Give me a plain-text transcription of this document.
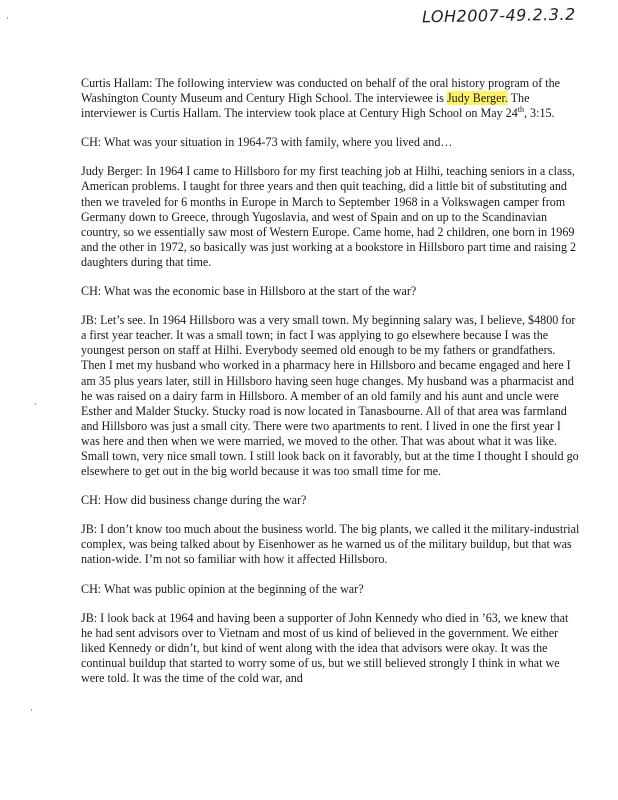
LOH2007-49.2.3.2
·
·
·

Curtis Hallam: The following interview was conducted on behalf of the oral history program of the Washington County Museum and Century High School. The interviewee is Judy Berger. The interviewer is Curtis Hallam. The interview took place at Century High School on May 24th, 3:15.

CH: What was your situation in 1964-73 with family, where you lived and…

Judy Berger: In 1964 I came to Hillsboro for my first teaching job at Hilhi, teaching seniors in a class, American problems. I taught for three years and then quit teaching, did a little bit of substituting and then we traveled for 6 months in Europe in March to September 1968 in a Volkswagen camper from Germany down to Greece, through Yugoslavia, and west of Spain and on up to the Scandinavian country, so we essentially saw most of Western Europe. Came home, had 2 children, one born in 1969 and the other in 1972, so basically was just working at a bookstore in Hillsboro part time and raising 2 daughters during that time.

CH: What was the economic base in Hillsboro at the start of the war?

JB: Let’s see. In 1964 Hillsboro was a very small town. My beginning salary was, I believe, $4800 for a first year teacher. It was a small town; in fact I was applying to go elsewhere because I was the youngest person on staff at Hilhi. Everybody seemed old enough to be my fathers or grandfathers. Then I met my husband who worked in a pharmacy here in Hillsboro and became engaged and here I am 35 plus years later, still in Hillsboro having seen huge changes. My husband was a pharmacist and he was raised on a dairy farm in Hillsboro. A member of an old family and his aunt and uncle were Esther and Malder Stucky. Stucky road is now located in Tanasbourne. All of that area was farmland and Hillsboro was just a small city. There were two apartments to rent. I lived in one the first year I was here and then when we were married, we moved to the other. That was about what it was like. Small town, very nice small town. I still look back on it favorably, but at the time I thought I should go elsewhere to get out in the big world because it was too small time for me.

CH: How did business change during the war?

JB: I don’t know too much about the business world. The big plants, we called it the military-industrial complex, was being talked about by Eisenhower as he warned us of the military buildup, but that was nation-wide. I’m not so familiar with how it affected Hillsboro.

CH: What was public opinion at the beginning of the war?

JB: I look back at 1964 and having been a supporter of John Kennedy who died in ’63, we knew that he had sent advisors over to Vietnam and most of us kind of believed in the government. We either liked Kennedy or didn’t, but kind of went along with the idea that advisors were okay. It was the continual buildup that started to worry some of us, but we still believed strongly I think in what we were told. It was the time of the cold war, and
